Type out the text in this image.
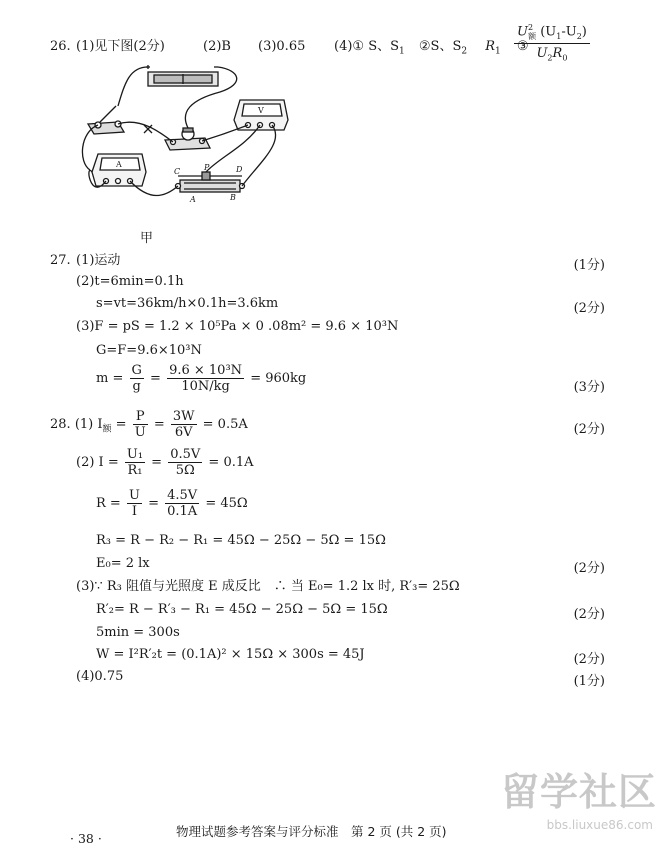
26. (1)见下图(2分)	(2)B (3)0.65 (4)① S、$S_1$ ②S、$S_2$ $R_1$ ③
$U^2_额$ $(U_1-U_2)$
$U_2R_0$
V
A
C	P	D
A	B
甲
27. (1)运动	(1分)
(2)t=6min=0.1h
s=vt=36km/h×0.1h=3.6km	(2分)
(3)F = pS = 1.2 × 10⁵Pa × 0 .08m² = 9.6 × 10³N
G=F=9.6×10³N
$m = \frac{G}{g} = \frac{\text{9.6 × 10³N}}{10N/kg} = 960kg$
(3分)
28. (1) $I_额 = \frac{P}{U} = \frac{3W}{6V} = 0.5A$	(2分)
(2) $I = \frac{\text{U₁}}{\text{R₁}} = \frac{0.5V}{5\Omega} = 0.1A$
$R = \frac{U}{I} = \frac{4.5V}{0.1A} = 45\Omega$
R₃ = R − R₂ − R₁ = 45Ω − 25Ω − 5Ω = 15Ω
E₀= 2 lx	(2分)
(3)∵ R₃ 阻值与光照度 E 成反比　∴ 当 E₀= 1.2 lx 时, R′₃= 25Ω
R′₂= R − R′₃ − R₁ = 45Ω − 25Ω − 5Ω = 15Ω	(2分)
5min = 300s
W = I²R′₂t = (0.1A)² × 15Ω × 300s = 45J	(2分)
(4)0.75	(1分)
· 38 ·	物理试题参考答案与评分标准　第 2 页 (共 2 页)
留学社区
bbs.liuxue86.com
